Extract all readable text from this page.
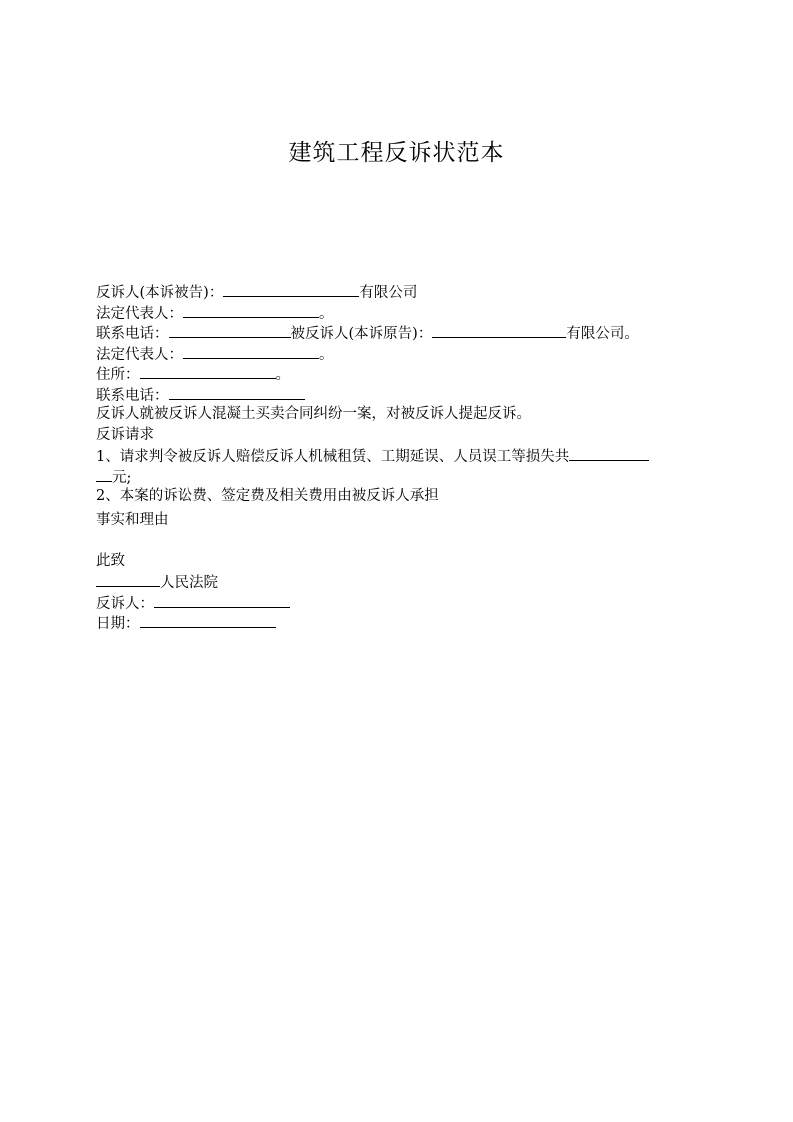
建筑工程反诉状范本
反诉人(本诉被告)：	有限公司
法定代表人：	。
联系电话：	被反诉人(本诉原告)：	有限公司。
法定代表人：	。
住所：	。
联系电话：
反诉人就被反诉人混凝土买卖合同纠纷一案，对被反诉人提起反诉。
反诉请求
1、请求判令被反诉人赔偿反诉人机械租赁、工期延误、人员误工等损失共
元;
2、本案的诉讼费、签定费及相关费用由被反诉人承担
事实和理由
此致
人民法院
反诉人：
日期：
